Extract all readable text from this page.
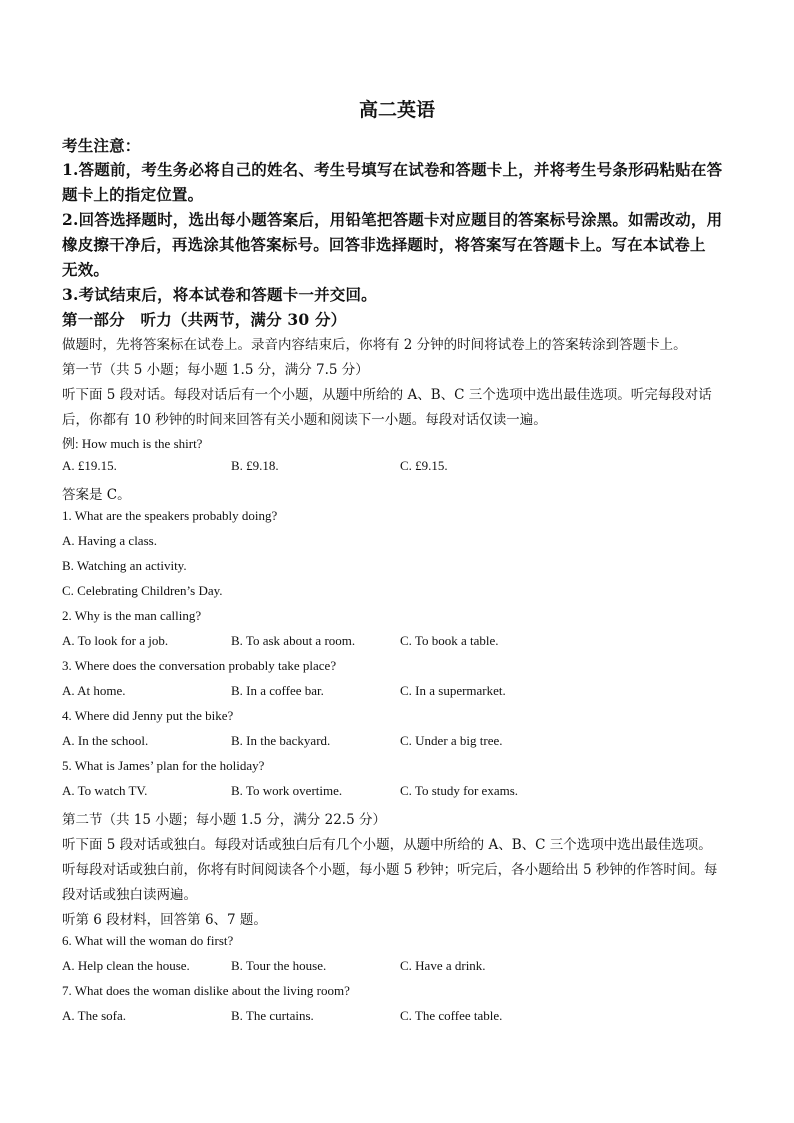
高二英语
考生注意：
1.答题前，考生务必将自己的姓名、考生号填写在试卷和答题卡上，并将考生号条形码粘贴在答
题卡上的指定位置。
2.回答选择题时，选出每小题答案后，用铅笔把答题卡对应题目的答案标号涂黑。如需改动，用
橡皮擦干净后，再选涂其他答案标号。回答非选择题时，将答案写在答题卡上。写在本试卷上
无效。
3.考试结束后，将本试卷和答题卡一并交回。
第一部分　听力（共两节，满分 30 分）
做题时，先将答案标在试卷上。录音内容结束后，你将有 2 分钟的时间将试卷上的答案转涂到答题卡上。
第一节（共 5 小题；每小题 1.5 分，满分 7.5 分）
听下面 5 段对话。每段对话后有一个小题，从题中所给的 A、B、C 三个选项中选出最佳选项。听完每段对话
后，你都有 10 秒钟的时间来回答有关小题和阅读下一小题。每段对话仅读一遍。
例: How much is the shirt?
A. £19.15.	B. £9.18.	C. £9.15.
答案是 C。
1. What are the speakers probably doing?
A. Having a class.
B. Watching an activity.
C. Celebrating Children’s Day.
2. Why is the man calling?
A. To look for a job.	B. To ask about a room.	C. To book a table.
3. Where does the conversation probably take place?
A. At home.	B. In a coffee bar.	C. In a supermarket.
4. Where did Jenny put the bike?
A. In the school.	B. In the backyard.	C. Under a big tree.
5. What is James’ plan for the holiday?
A. To watch TV.	B. To work overtime.	C. To study for exams.
第二节（共 15 小题；每小题 1.5 分，满分 22.5 分）
听下面 5 段对话或独白。每段对话或独白后有几个小题，从题中所给的 A、B、C 三个选项中选出最佳选项。
听每段对话或独白前，你将有时间阅读各个小题，每小题 5 秒钟；听完后，各小题给出 5 秒钟的作答时间。每
段对话或独白读两遍。
听第 6 段材料，回答第 6、7 题。
6. What will the woman do first?
A. Help clean the house.	B. Tour the house.	C. Have a drink.
7. What does the woman dislike about the living room?
A. The sofa.	B. The curtains.	C. The coffee table.
